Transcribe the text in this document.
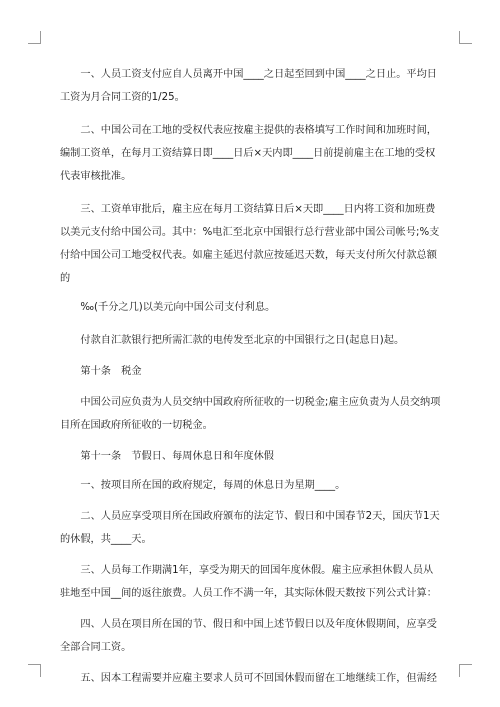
一、人员工资支付应自人员离开中国____之日起至回到中国____之日止。平均日工资为月合同工资的1/25。

二、中国公司在工地的受权代表应按雇主提供的表格填写工作时间和加班时间，编制工资单，在每月工资结算日即____日后×天内即____日前提前雇主在工地的受权代表审核批准。

三、工资单审批后，雇主应在每月工资结算日后×天即____日内将工资和加班费以美元支付给中国公司。其中：%电汇至北京中国银行总行营业部中国公司帐号;%支付给中国公司工地受权代表。如雇主延迟付款应按延迟天数，每天支付所欠付款总额的

‰(千分之几)以美元向中国公司支付利息。

付款自汇款银行把所需汇款的电传发至北京的中国银行之日(起息日)起。

第十条　税金

中国公司应负责为人员交纳中国政府所征收的一切税金;雇主应负责为人员交纳项目所在国政府所征收的一切税金。

第十一条　节假日、每周休息日和年度休假

一、按项目所在国的政府规定，每周的休息日为星期____。

二、人员应享受项目所在国政府颁布的法定节、假日和中国春节2天，国庆节1天的休假，共____天。

三、人员每工作期满1年，享受为期天的回国年度休假。雇主应承担休假人员从驻地至中国__间的返往旅费。人员工作不满一年，其实际休假天数按下列公式计算：

四、人员在项目所在国的节、假日和中国上述节假日以及年度休假期间，应享受全部合同工资。

五、因本工程需要并应雇主要求人员可不回国休假而留在工地继续工作，但需经
